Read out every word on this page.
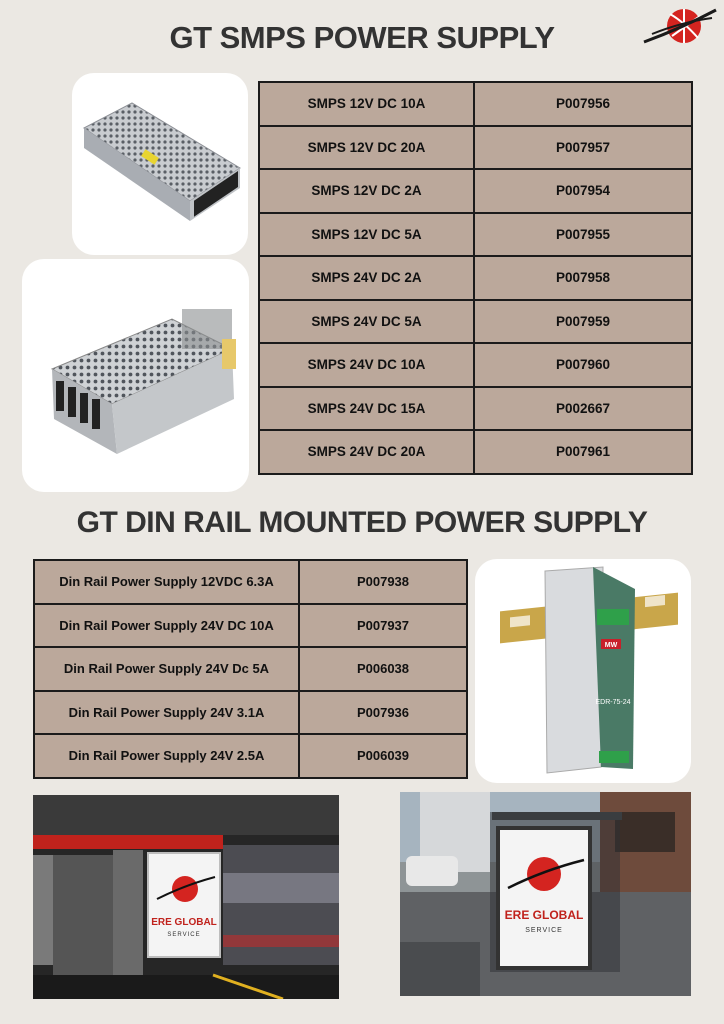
GT SMPS POWER SUPPLY
SMPS 12V DC 10A	P007956
SMPS 12V DC 20A	P007957
SMPS 12V DC 2A	P007954
SMPS 12V DC 5A	P007955
SMPS 24V DC 2A	P007958
SMPS 24V DC 5A	P007959
SMPS 24V DC 10A	P007960
SMPS 24V DC 15A	P002667
SMPS 24V DC 20A	P007961
GT DIN RAIL MOUNTED POWER SUPPLY
Din Rail Power Supply 12VDC 6.3A	P007938
Din Rail Power Supply 24V DC 10A	P007937
Din Rail Power Supply 24V Dc 5A	P006038
Din Rail Power Supply 24V 3.1A	P007936
Din Rail Power Supply 24V 2.5A	P006039
MW
EDR-75-24
ERE GLOBAL
SERVICE
ERE GLOBAL
SERVICE
